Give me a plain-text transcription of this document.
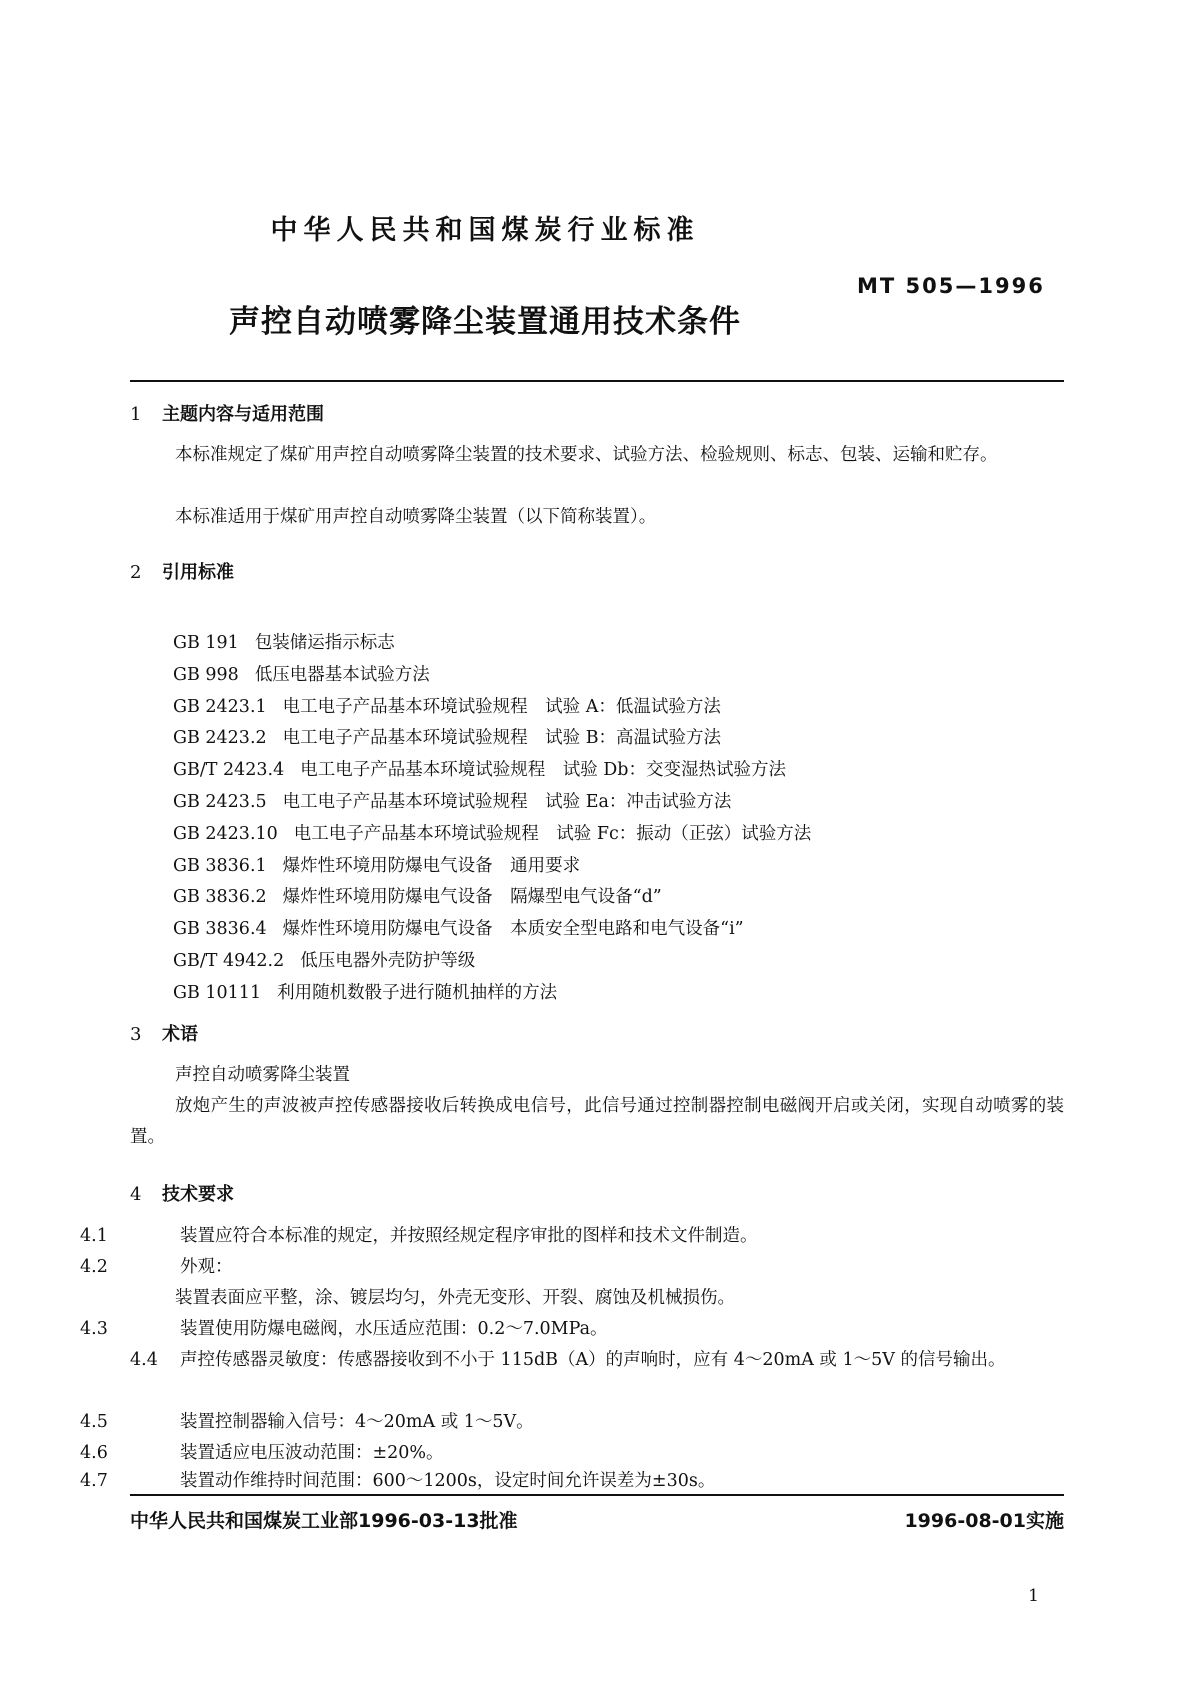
中华人民共和国煤炭行业标准
MT 505—1996
声控自动喷雾降尘装置通用技术条件
1 主题内容与适用范围
本标准规定了煤矿用声控自动喷雾降尘装置的技术要求、试验方法、检验规则、标志、包装、运输和贮存。
本标准适用于煤矿用声控自动喷雾降尘装置（以下简称装置）。
2 引用标准
GB 191 包装储运指示标志
GB 998 低压电器基本试验方法
GB 2423.1 电工电子产品基本环境试验规程　试验 A：低温试验方法
GB 2423.2 电工电子产品基本环境试验规程　试验 B：高温试验方法
GB/T 2423.4 电工电子产品基本环境试验规程　试验 Db：交变湿热试验方法
GB 2423.5 电工电子产品基本环境试验规程　试验 Ea：冲击试验方法
GB 2423.10 电工电子产品基本环境试验规程　试验 Fc：振动（正弦）试验方法
GB 3836.1 爆炸性环境用防爆电气设备　通用要求
GB 3836.2 爆炸性环境用防爆电气设备　隔爆型电气设备“d”
GB 3836.4 爆炸性环境用防爆电气设备　本质安全型电路和电气设备“i”
GB/T 4942.2 低压电器外壳防护等级
GB 10111 利用随机数骰子进行随机抽样的方法
3 术语
声控自动喷雾降尘装置
放炮产生的声波被声控传感器接收后转换成电信号，此信号通过控制器控制电磁阀开启或关闭，实现自动喷雾的装置。
4 技术要求
4.1	装置应符合本标准的规定，并按照经规定程序审批的图样和技术文件制造。
4.2	外观：
装置表面应平整，涂、镀层均匀，外壳无变形、开裂、腐蚀及机械损伤。
4.3	装置使用防爆电磁阀，水压适应范围：0.2～7.0MPa。
4.4 声控传感器灵敏度：传感器接收到不小于 115dB（A）的声响时，应有 4～20mA 或 1～5V 的信号输出。
4.5	装置控制器输入信号：4～20mA 或 1～5V。
4.6	装置适应电压波动范围：±20%。
4.7	装置动作维持时间范围：600～1200s，设定时间允许误差为±30s。
中华人民共和国煤炭工业部1996-03-13批准	1996-08-01实施
1
